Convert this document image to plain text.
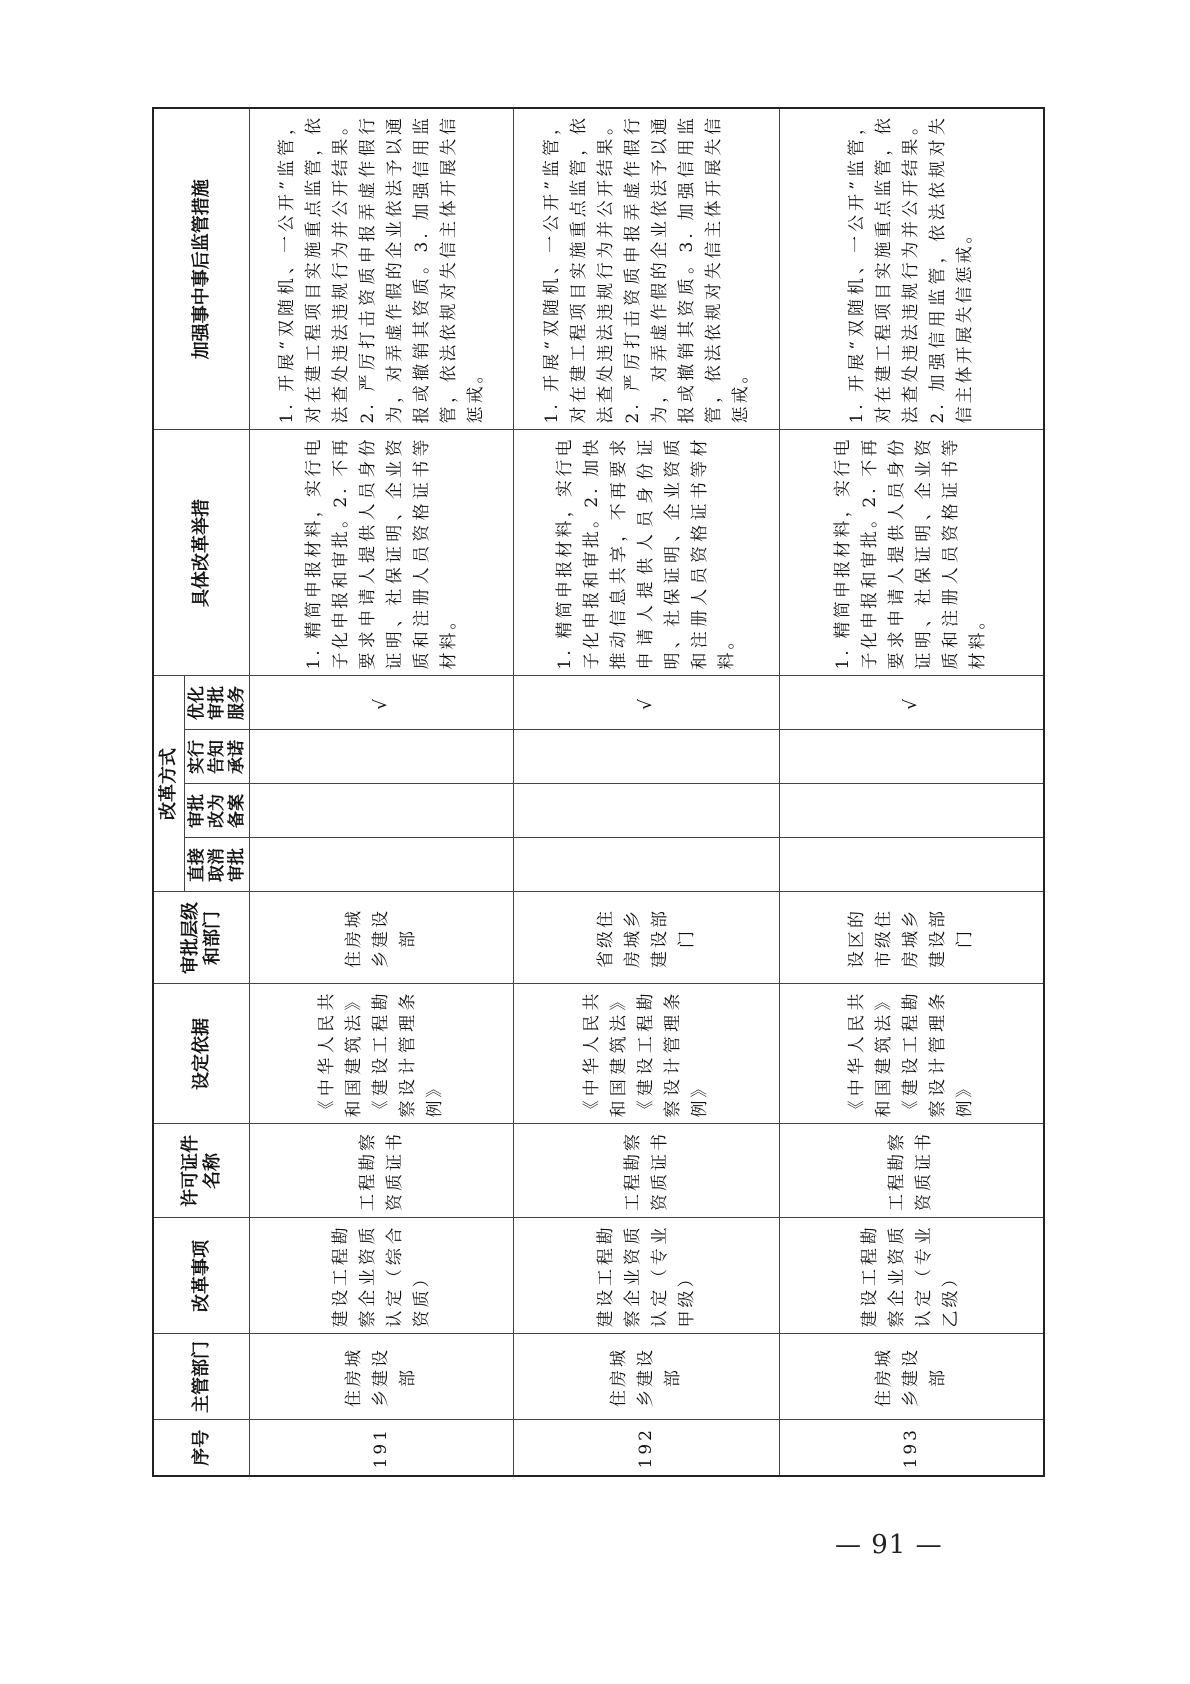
序号	主管部门	改革事项	许可证件名称	设定依据	审批层级和部门	改革方式				具体改革举措	加强事中事后监管措施
						直接取消审批	审批改为备案	实行告知承诺	优化审批服务		
191	住房城乡建设部	建设工程勘察企业资质认定（综合资质）	工程勘察资质证书	《中华人民共和国建筑法》《建设工程勘察设计管理条例》	住房城乡建设部				√	1. 精简申报材料，实行电子化申报和审批。2. 不再要求申请人提供人员身份证明、社保证明、企业资质和注册人员资格证书等材料。	1. 开展“双随机、一公开”监管，对在建工程项目实施重点监管，依法查处违法违规行为并公开结果。2. 严厉打击资质申报弄虚作假行为，对弄虚作假的企业依法予以通报或撤销其资质。3. 加强信用监管，依法依规对失信主体开展失信惩戒。
192	住房城乡建设部	建设工程勘察企业资质认定（专业甲级）	工程勘察资质证书	《中华人民共和国建筑法》《建设工程勘察设计管理条例》	省级住房城乡建设部门				√	1. 精简申报材料，实行电子化申报和审批。2. 加快推动信息共享，不再要求申请人提供人员身份证明、社保证明、企业资质和注册人员资格证书等材料。	1. 开展“双随机、一公开”监管，对在建工程项目实施重点监管，依法查处违法违规行为并公开结果。2. 严厉打击资质申报弄虚作假行为，对弄虚作假的企业依法予以通报或撤销其资质。3. 加强信用监管，依法依规对失信主体开展失信惩戒。
193	住房城乡建设部	建设工程勘察企业资质认定（专业乙级）	工程勘察资质证书	《中华人民共和国建筑法》《建设工程勘察设计管理条例》	设区的市级住房城乡建设部门				√	1. 精简申报材料，实行电子化申报和审批。2. 不再要求申请人提供人员身份证明、社保证明、企业资质和注册人员资格证书等材料。	1. 开展“双随机、一公开”监管，对在建工程项目实施重点监管，依法查处违法违规行为并公开结果。2. 加强信用监管，依法依规对失信主体开展失信惩戒。
— 91 —
